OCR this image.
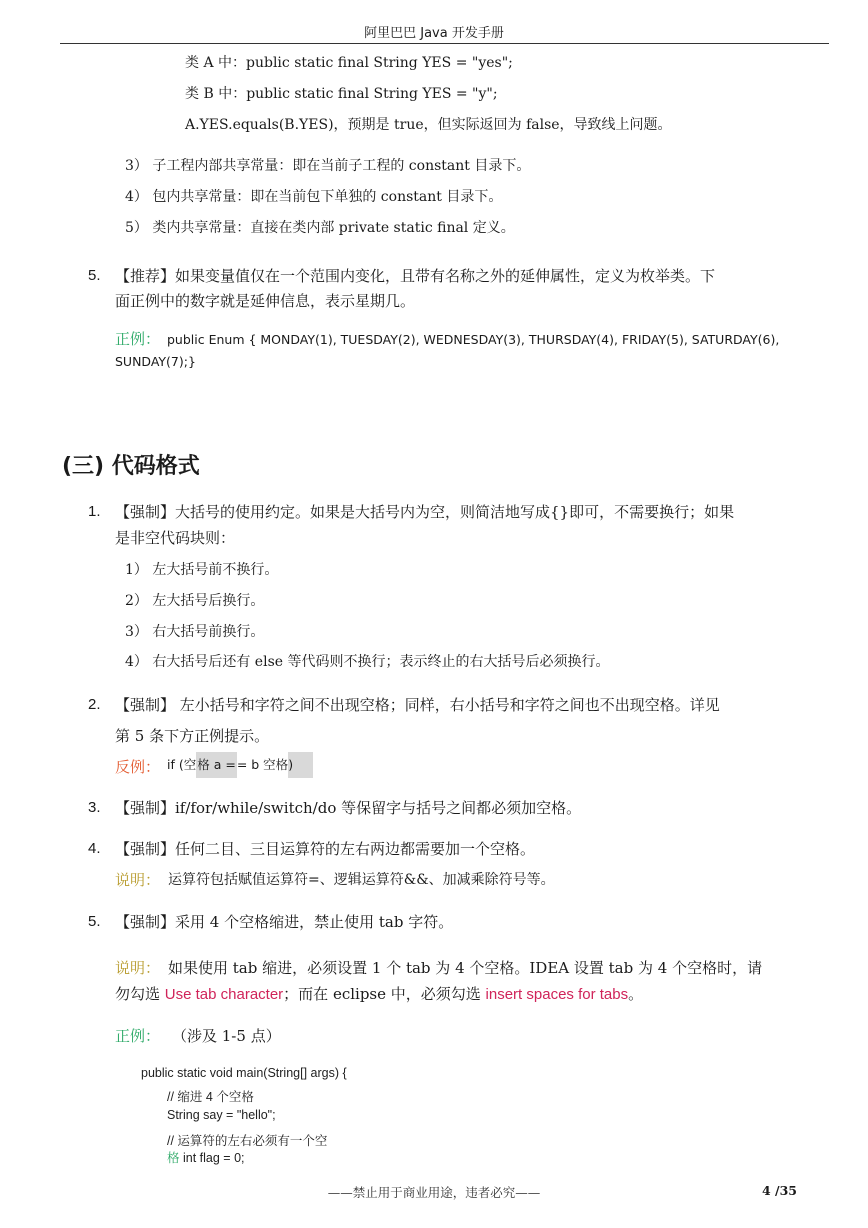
阿里巴巴 Java 开发手册
类 A 中：public static final String YES = "yes";
类 B 中：public static final String YES = "y";
A.YES.equals(B.YES)，预期是 true，但实际返回为 false，导致线上问题。
3） 子工程内部共享常量：即在当前子工程的 constant 目录下。
4） 包内共享常量：即在当前包下单独的 constant 目录下。
5） 类内共享常量：直接在类内部 private static final 定义。
5. 【推荐】如果变量值仅在一个范围内变化，且带有名称之外的延伸属性，定义为枚举类。下
面正例中的数字就是延伸信息，表示星期几。
正例： public Enum { MONDAY(1), TUESDAY(2), WEDNESDAY(3), THURSDAY(4), FRIDAY(5), SATURDAY(6),
SUNDAY(7);}
(三) 代码格式
1. 【强制】大括号的使用约定。如果是大括号内为空，则简洁地写成{}即可，不需要换行；如果
是非空代码块则：
1） 左大括号前不换行。
2） 左大括号后换行。
3） 右大括号前换行。
4） 右大括号后还有 else 等代码则不换行；表示终止的右大括号后必须换行。
2. 【强制】 左小括号和字符之间不出现空格；同样，右小括号和字符之间也不出现空格。详见
第 5 条下方正例提示。
反例： if (空格 a == b 空格)
3. 【强制】if/for/while/switch/do 等保留字与括号之间都必须加空格。
4. 【强制】任何二目、三目运算符的左右两边都需要加一个空格。
说明： 运算符包括赋值运算符=、逻辑运算符&&、加减乘除符号等。
5. 【强制】采用 4 个空格缩进，禁止使用 tab 字符。
说明： 如果使用 tab 缩进，必须设置 1 个 tab 为 4 个空格。IDEA 设置 tab 为 4 个空格时，请
勿勾选 Use tab character；而在 eclipse 中，必须勾选 insert spaces for tabs。
正例： （涉及 1-5 点）
public static void main(String[] args) {
// 缩进 4 个空格
String say = "hello";
// 运算符的左右必须有一个空
格 int flag = 0;
——禁止用于商业用途，违者必究——	4 /35
